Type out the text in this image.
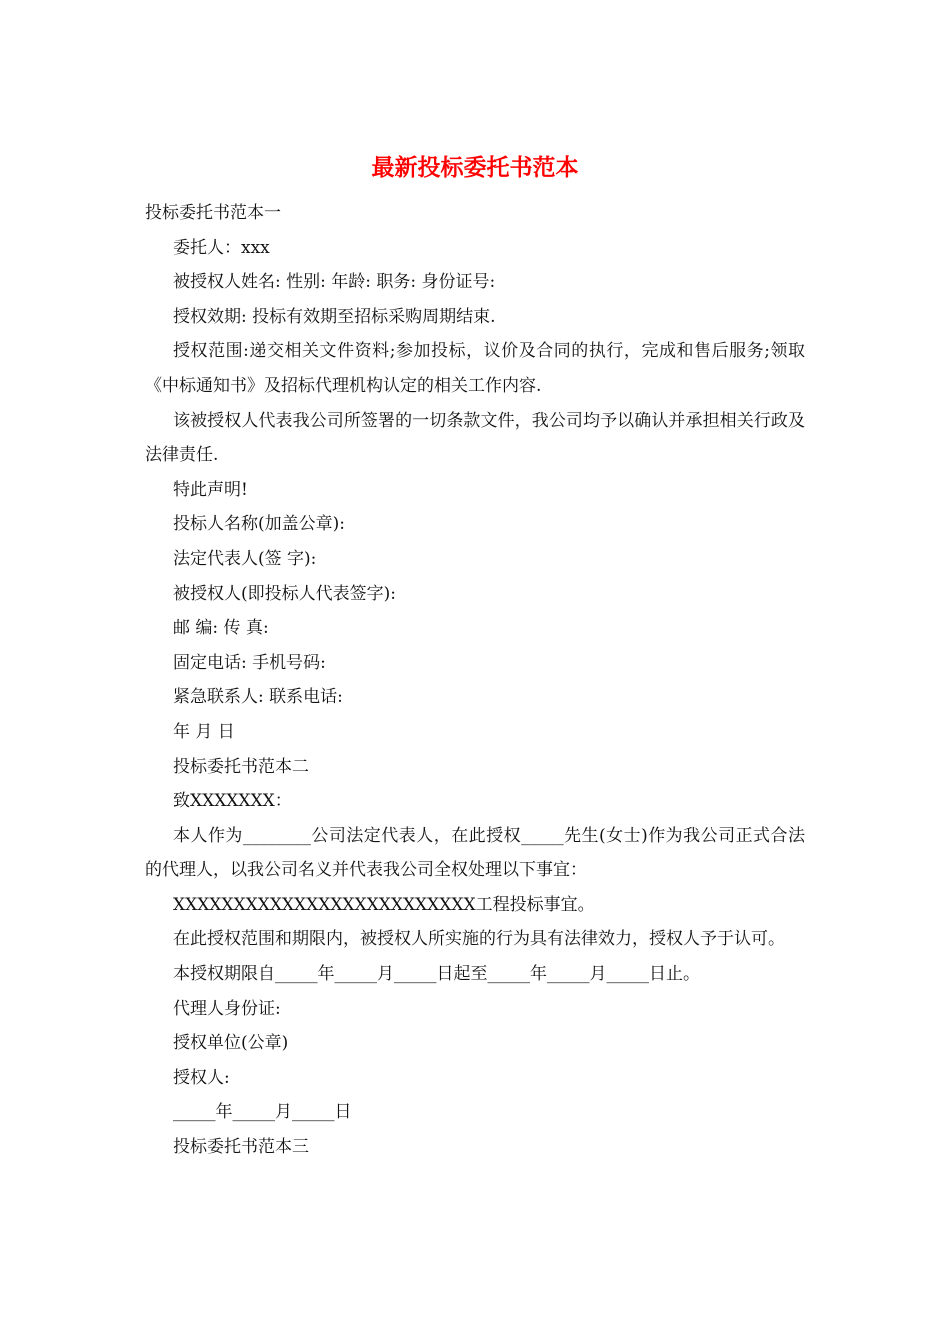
最新投标委托书范本

投标委托书范本一

委托人：xxx

被授权人姓名: 性别: 年龄: 职务: 身份证号:

授权效期: 投标有效期至招标采购周期结束.

授权范围:递交相关文件资料;参加投标，议价及合同的执行，完成和售后服务;领取《中标通知书》及招标代理机构认定的相关工作内容.

该被授权人代表我公司所签署的一切条款文件，我公司均予以确认并承担相关行政及法律责任.

特此声明!

投标人名称(加盖公章):

法定代表人(签 字):

被授权人(即投标人代表签字):

邮 编: 传 真:

固定电话: 手机号码:

紧急联系人: 联系电话:

年 月 日

投标委托书范本二

致XXXXXXX：

本人作为________公司法定代表人，在此授权_____先生(女士)作为我公司正式合法的代理人，以我公司名义并代表我公司全权处理以下事宜：

XXXXXXXXXXXXXXXXXXXXXXXXX工程投标事宜。

在此授权范围和期限内，被授权人所实施的行为具有法律效力，授权人予于认可。

本授权期限自_____年_____月_____日起至_____年_____月_____日止。

代理人身份证:

授权单位(公章)

授权人:

_____年_____月_____日

投标委托书范本三
